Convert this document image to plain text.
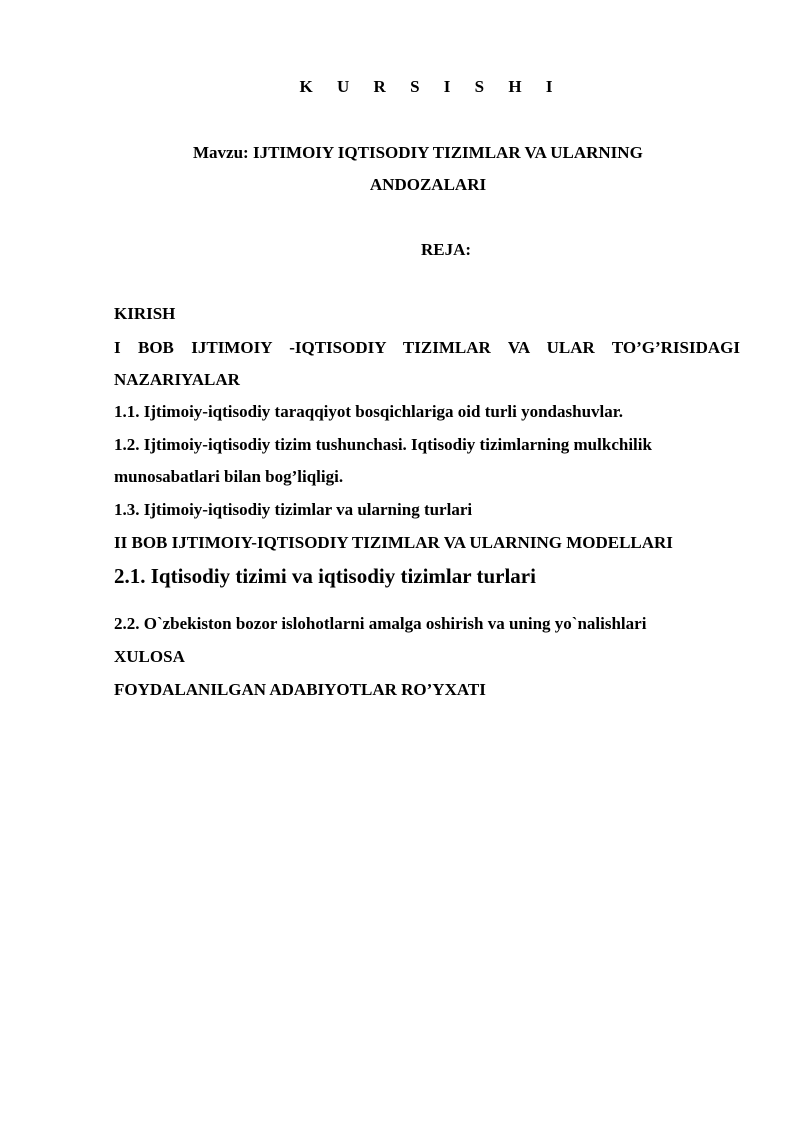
K U R S I S H I
Mavzu: IJTIMOIY IQTISODIY TIZIMLAR VA ULARNING
ANDOZALARI
REJA:
KIRISH
I BOB IJTIMOIY -IQTISODIY TIZIMLAR VA ULAR TO’G’RISIDAGI
NAZARIYALAR
1.1. Ijtimoiy-iqtisodiy taraqqiyot bosqichlariga oid turli yondashuvlar.
1.2. Ijtimoiy-iqtisodiy tizim tushunchasi. Iqtisodiy tizimlarning mulkchilik
munosabatlari bilan bog’liqligi.
1.3. Ijtimoiy-iqtisodiy tizimlar va ularning turlari
II BOB IJTIMOIY-IQTISODIY TIZIMLAR VA ULARNING MODELLARI
2.1. Iqtisodiy tizimi va iqtisodiy tizimlar turlari
2.2. O`zbekiston bozor islohotlarni amalga oshirish va uning yo`nalishlari
XULOSA
FOYDALANILGAN ADABIYOTLAR RO’YXATI
